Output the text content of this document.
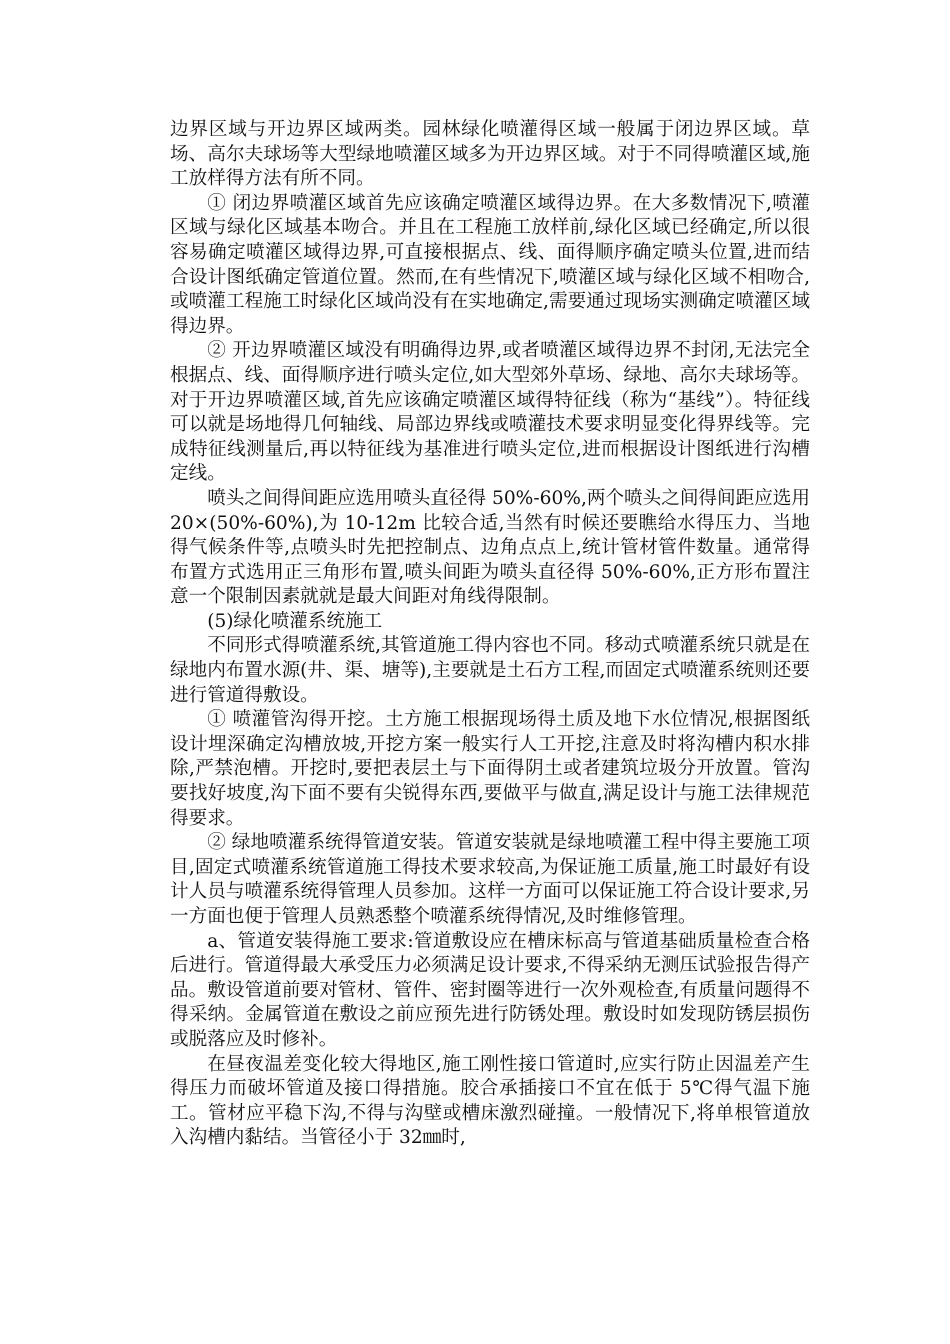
边界区域与开边界区域两类。园林绿化喷灌得区域一般属于闭边界区域。草场、高尔夫球场等大型绿地喷灌区域多为开边界区域。对于不同得喷灌区域,施工放样得方法有所不同。

① 闭边界喷灌区域首先应该确定喷灌区域得边界。在大多数情况下,喷灌区域与绿化区域基本吻合。并且在工程施工放样前,绿化区域已经确定,所以很容易确定喷灌区域得边界,可直接根据点、线、面得顺序确定喷头位置,进而结合设计图纸确定管道位置。然而,在有些情况下,喷灌区域与绿化区域不相吻合,或喷灌工程施工时绿化区域尚没有在实地确定,需要通过现场实测确定喷灌区域得边界。

② 开边界喷灌区域没有明确得边界,或者喷灌区域得边界不封闭,无法完全根据点、线、面得顺序进行喷头定位,如大型郊外草场、绿地、高尔夫球场等。对于开边界喷灌区域,首先应该确定喷灌区域得特征线（称为“基线”）。特征线可以就是场地得几何轴线、局部边界线或喷灌技术要求明显变化得界线等。完成特征线测量后,再以特征线为基准进行喷头定位,进而根据设计图纸进行沟槽定线。

喷头之间得间距应选用喷头直径得 50%-60%,两个喷头之间得间距应选用 20×(50%-60%),为 10-12m 比较合适,当然有时候还要瞧给水得压力、当地得气候条件等,点喷头时先把控制点、边角点点上,统计管材管件数量。通常得布置方式选用正三角形布置,喷头间距为喷头直径得 50%-60%,正方形布置注意一个限制因素就就是最大间距对角线得限制。

(5)绿化喷灌系统施工

不同形式得喷灌系统,其管道施工得内容也不同。移动式喷灌系统只就是在绿地内布置水源(井、渠、塘等),主要就是土石方工程,而固定式喷灌系统则还要进行管道得敷设。

① 喷灌管沟得开挖。土方施工根据现场得土质及地下水位情况,根据图纸设计埋深确定沟槽放坡,开挖方案一般实行人工开挖,注意及时将沟槽内积水排除,严禁泡槽。开挖时,要把表层土与下面得阴土或者建筑垃圾分开放置。管沟要找好坡度,沟下面不要有尖锐得东西,要做平与做直,满足设计与施工法律规范得要求。

② 绿地喷灌系统得管道安装。管道安装就是绿地喷灌工程中得主要施工项目,固定式喷灌系统管道施工得技术要求较高,为保证施工质量,施工时最好有设计人员与喷灌系统得管理人员参加。这样一方面可以保证施工符合设计要求,另一方面也便于管理人员熟悉整个喷灌系统得情况,及时维修管理。

a、管道安装得施工要求:管道敷设应在槽床标高与管道基础质量检查合格后进行。管道得最大承受压力必须满足设计要求,不得采纳无测压试验报告得产品。敷设管道前要对管材、管件、密封圈等进行一次外观检查,有质量问题得不得采纳。金属管道在敷设之前应预先进行防锈处理。敷设时如发现防锈层损伤或脱落应及时修补。

在昼夜温差变化较大得地区,施工刚性接口管道时,应实行防止因温差产生得压力而破坏管道及接口得措施。胶合承插接口不宜在低于 5℃得气温下施工。管材应平稳下沟,不得与沟壁或槽床激烈碰撞。一般情况下,将单根管道放入沟槽内黏结。当管径小于 32㎜时,
